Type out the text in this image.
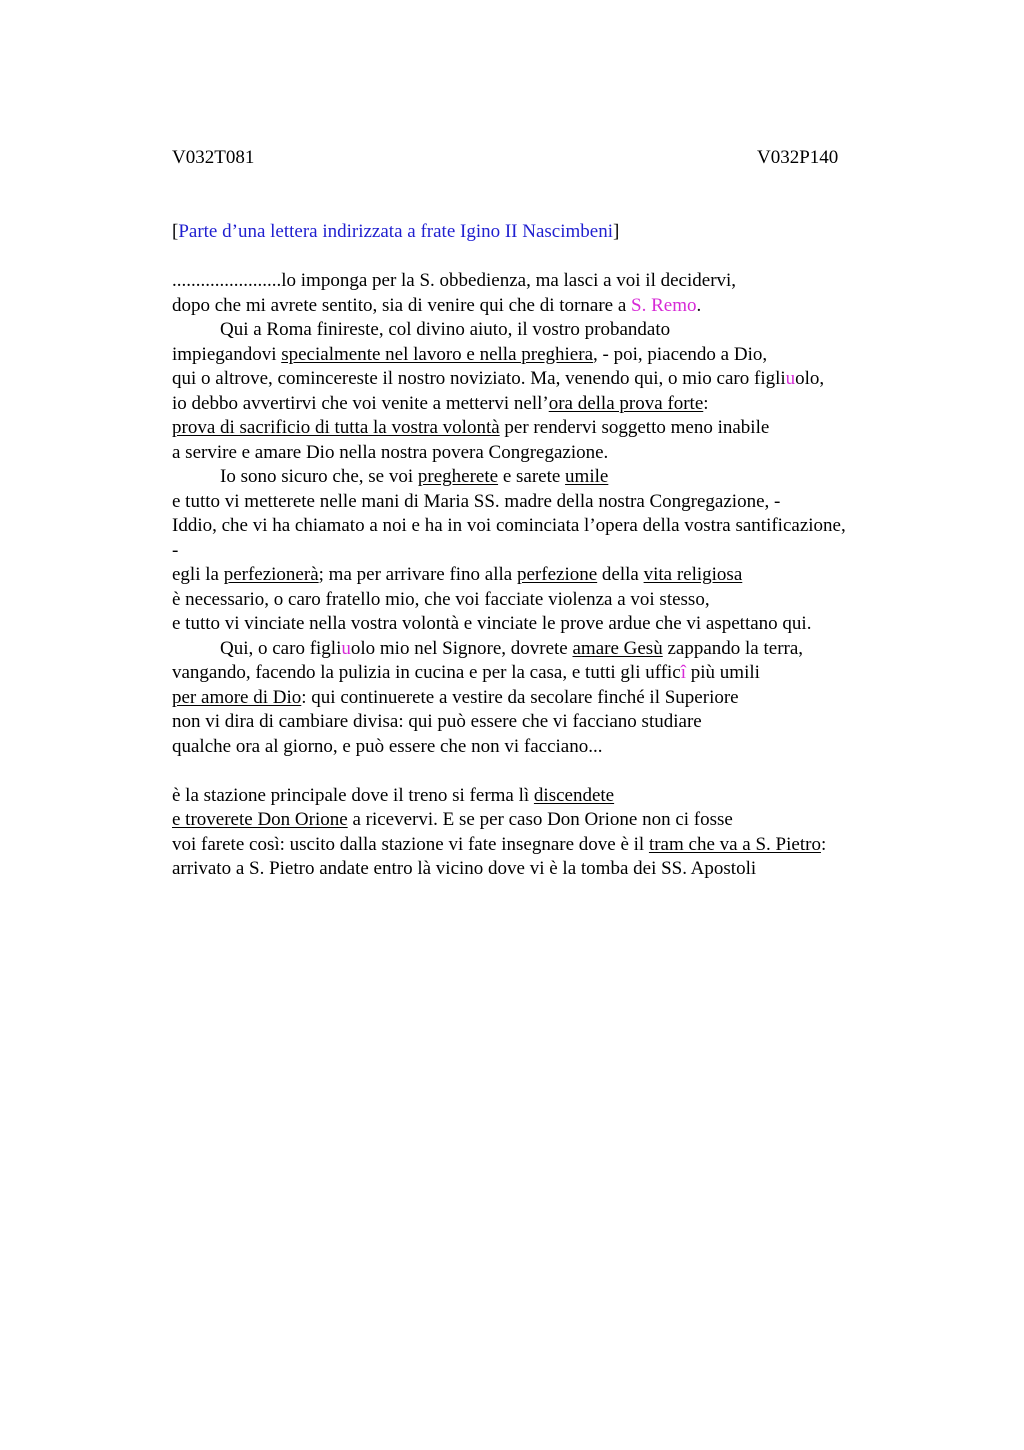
V032T081	V032P140
[Parte d’una lettera indirizzata a frate Igino II Nascimbeni]
.......................lo imponga per la S. obbedienza, ma lasci a voi il decidervi,
dopo che mi avrete sentito, sia di venire qui che di tornare a S. Remo.
Qui a Roma finireste, col divino aiuto, il vostro probandato
impiegandovi specialmente nel lavoro e nella preghiera, - poi, piacendo a Dio,
qui o altrove, comincereste il nostro noviziato. Ma, venendo qui, o mio caro figliuolo,
io debbo avvertirvi che voi venite a mettervi nell’ora della prova forte:
prova di sacrificio di tutta la vostra volontà per rendervi soggetto meno inabile
a servire e amare Dio nella nostra povera Congregazione.
Io sono sicuro che, se voi pregherete e sarete umile
e tutto vi metterete nelle mani di Maria SS. madre della nostra Congregazione, -
Iddio, che vi ha chiamato a noi e ha in voi cominciata l’opera della vostra santificazione,
-
egli la perfezionerà; ma per arrivare fino alla perfezione della vita religiosa
è necessario, o caro fratello mio, che voi facciate violenza a voi stesso,
e tutto vi vinciate nella vostra volontà e vinciate le prove ardue che vi aspettano qui.
Qui, o caro figliuolo mio nel Signore, dovrete amare Gesù zappando la terra,
vangando, facendo la pulizia in cucina e per la casa, e tutti gli ufficî più umili
per amore di Dio: qui continuerete a vestire da secolare finché il Superiore
non vi dira di cambiare divisa: qui può essere che vi facciano studiare
qualche ora al giorno, e può essere che non vi facciano...
è la stazione principale dove il treno si ferma lì discendete
e troverete Don Orione a ricevervi. E se per caso Don Orione non ci fosse
voi farete così: uscito dalla stazione vi fate insegnare dove è il tram che va a S. Pietro:
arrivato a S. Pietro andate entro là vicino dove vi è la tomba dei SS. Apostoli
